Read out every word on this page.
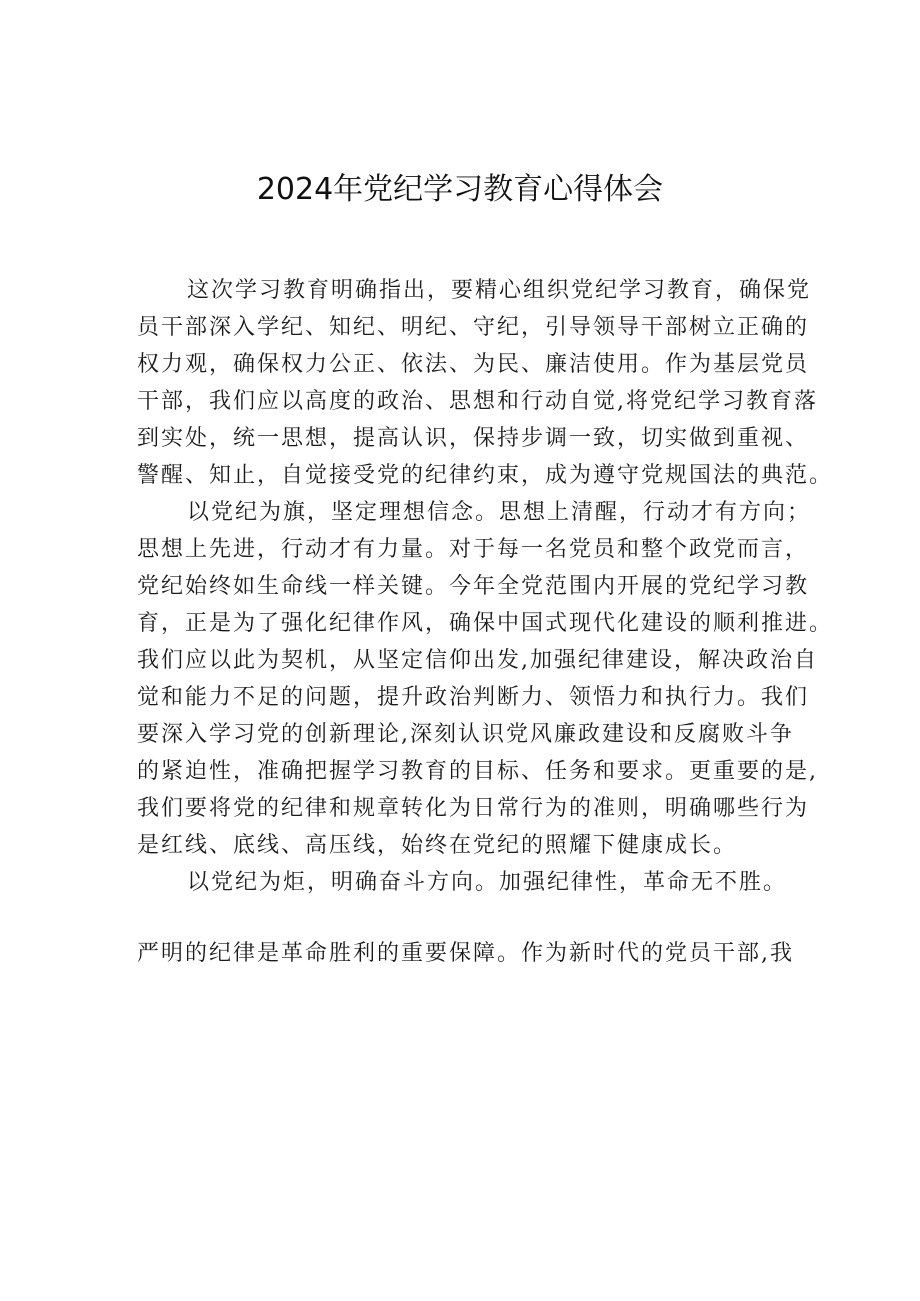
2024年党纪学习教育心得体会
这次学习教育明确指出，要精心组织党纪学习教育，确保党
员干部深入学纪、知纪、明纪、守纪，引导领导干部树立正确的
权力观，确保权力公正、依法、为民、廉洁使用。作为基层党员
干部，我们应以高度的政治、思想和行动自觉,将党纪学习教育落
到实处，统一思想，提高认识，保持步调一致，切实做到重视、
警醒、知止，自觉接受党的纪律约束，成为遵守党规国法的典范。
以党纪为旗，坚定理想信念。思想上清醒，行动才有方向；
思想上先进，行动才有力量。对于每一名党员和整个政党而言，
党纪始终如生命线一样关键。今年全党范围内开展的党纪学习教
育，正是为了强化纪律作风，确保中国式现代化建设的顺利推进。
我们应以此为契机，从坚定信仰出发,加强纪律建设，解决政治自
觉和能力不足的问题，提升政治判断力、领悟力和执行力。我们
要深入学习党的创新理论,深刻认识党风廉政建设和反腐败斗争
的紧迫性，准确把握学习教育的目标、任务和要求。更重要的是,
我们要将党的纪律和规章转化为日常行为的准则，明确哪些行为
是红线、底线、高压线，始终在党纪的照耀下健康成长。
以党纪为炬，明确奋斗方向。加强纪律性，革命无不胜。
严明的纪律是革命胜利的重要保障。作为新时代的党员干部,我
